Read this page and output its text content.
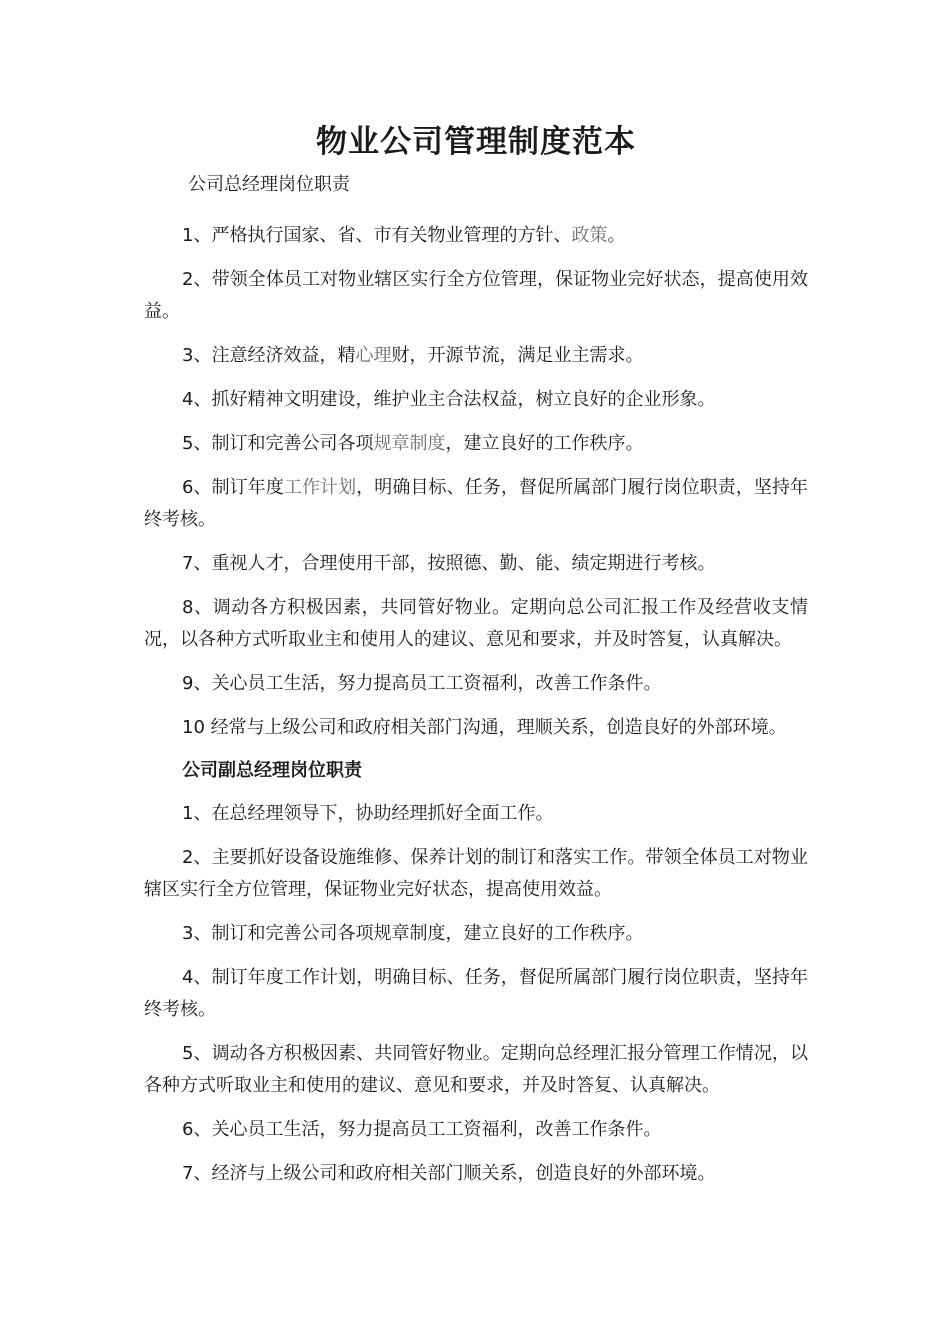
物业公司管理制度范本
公司总经理岗位职责

1、严格执行国家、省、市有关物业管理的方针、政策。

2、带领全体员工对物业辖区实行全方位管理，保证物业完好状态，提高使用效益。

3、注意经济效益，精心理财，开源节流，满足业主需求。

4、抓好精神文明建设，维护业主合法权益，树立良好的企业形象。

5、制订和完善公司各项规章制度，建立良好的工作秩序。

6、制订年度工作计划，明确目标、任务，督促所属部门履行岗位职责，坚持年终考核。

7、重视人才，合理使用干部，按照德、勤、能、绩定期进行考核。

8、调动各方积极因素，共同管好物业。定期向总公司汇报工作及经营收支情况，以各种方式听取业主和使用人的建议、意见和要求，并及时答复，认真解决。

9、关心员工生活，努力提高员工工资福利，改善工作条件。

10 经常与上级公司和政府相关部门沟通，理顺关系，创造良好的外部环境。

公司副总经理岗位职责

1、在总经理领导下，协助经理抓好全面工作。

2、主要抓好设备设施维修、保养计划的制订和落实工作。带领全体员工对物业辖区实行全方位管理，保证物业完好状态，提高使用效益。

3、制订和完善公司各项规章制度，建立良好的工作秩序。

4、制订年度工作计划，明确目标、任务，督促所属部门履行岗位职责，坚持年终考核。

5、调动各方积极因素、共同管好物业。定期向总经理汇报分管理工作情况，以各种方式听取业主和使用的建议、意见和要求，并及时答复、认真解决。

6、关心员工生活，努力提高员工工资福利，改善工作条件。

7、经济与上级公司和政府相关部门顺关系，创造良好的外部环境。
